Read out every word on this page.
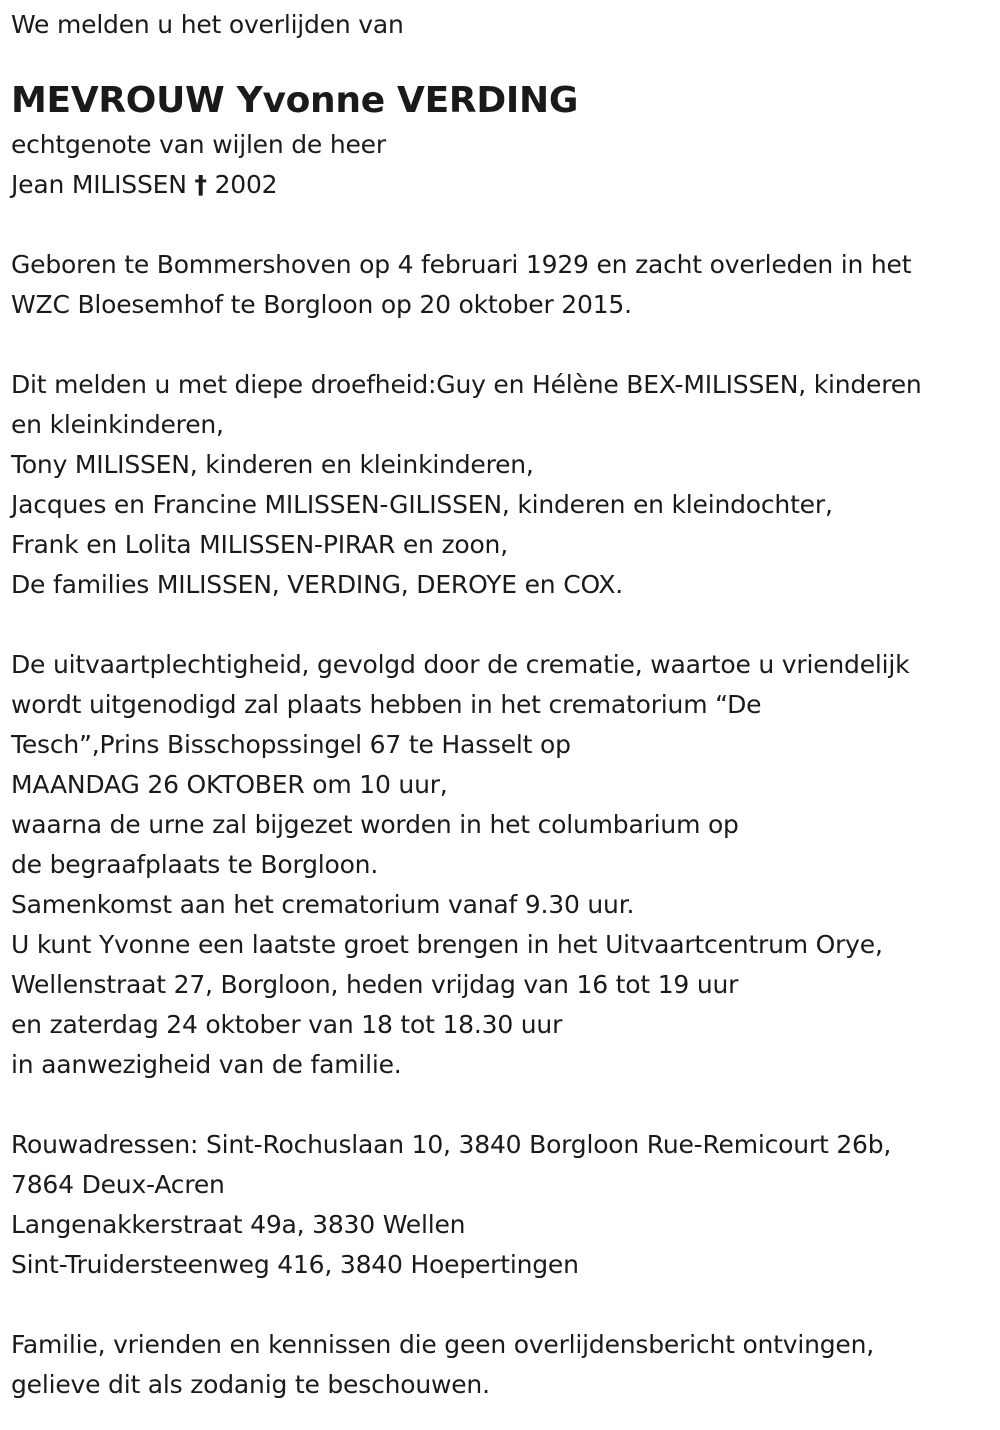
We melden u het overlijden van
MEVROUW Yvonne VERDING
echtgenote van wijlen de heer
Jean MILISSEN † 2002
Geboren te Bommershoven op 4 februari 1929 en zacht overleden in het
WZC Bloesemhof te Borgloon op 20 oktober 2015.
Dit melden u met diepe droefheid:Guy en Hélène BEX-MILISSEN, kinderen
en kleinkinderen,
Tony MILISSEN, kinderen en kleinkinderen,
Jacques en Francine MILISSEN-GILISSEN, kinderen en kleindochter,
Frank en Lolita MILISSEN-PIRAR en zoon,
De families MILISSEN, VERDING, DEROYE en COX.
De uitvaartplechtigheid, gevolgd door de crematie, waartoe u vriendelijk
wordt uitgenodigd zal plaats hebben in het crematorium “De
Tesch”,Prins Bisschopssingel 67 te Hasselt op
MAANDAG 26 OKTOBER om 10 uur,
waarna de urne zal bijgezet worden in het columbarium op
de begraafplaats te Borgloon.
Samenkomst aan het crematorium vanaf 9.30 uur.
U kunt Yvonne een laatste groet brengen in het Uitvaartcentrum Orye,
Wellenstraat 27, Borgloon, heden vrijdag van 16 tot 19 uur
en zaterdag 24 oktober van 18 tot 18.30 uur
in aanwezigheid van de familie.
Rouwadressen: Sint-Rochuslaan 10, 3840 Borgloon Rue-Remicourt 26b,
7864 Deux-Acren
Langenakkerstraat 49a, 3830 Wellen
Sint-Truidersteenweg 416, 3840 Hoepertingen
Familie, vrienden en kennissen die geen overlijdensbericht ontvingen,
gelieve dit als zodanig te beschouwen.
